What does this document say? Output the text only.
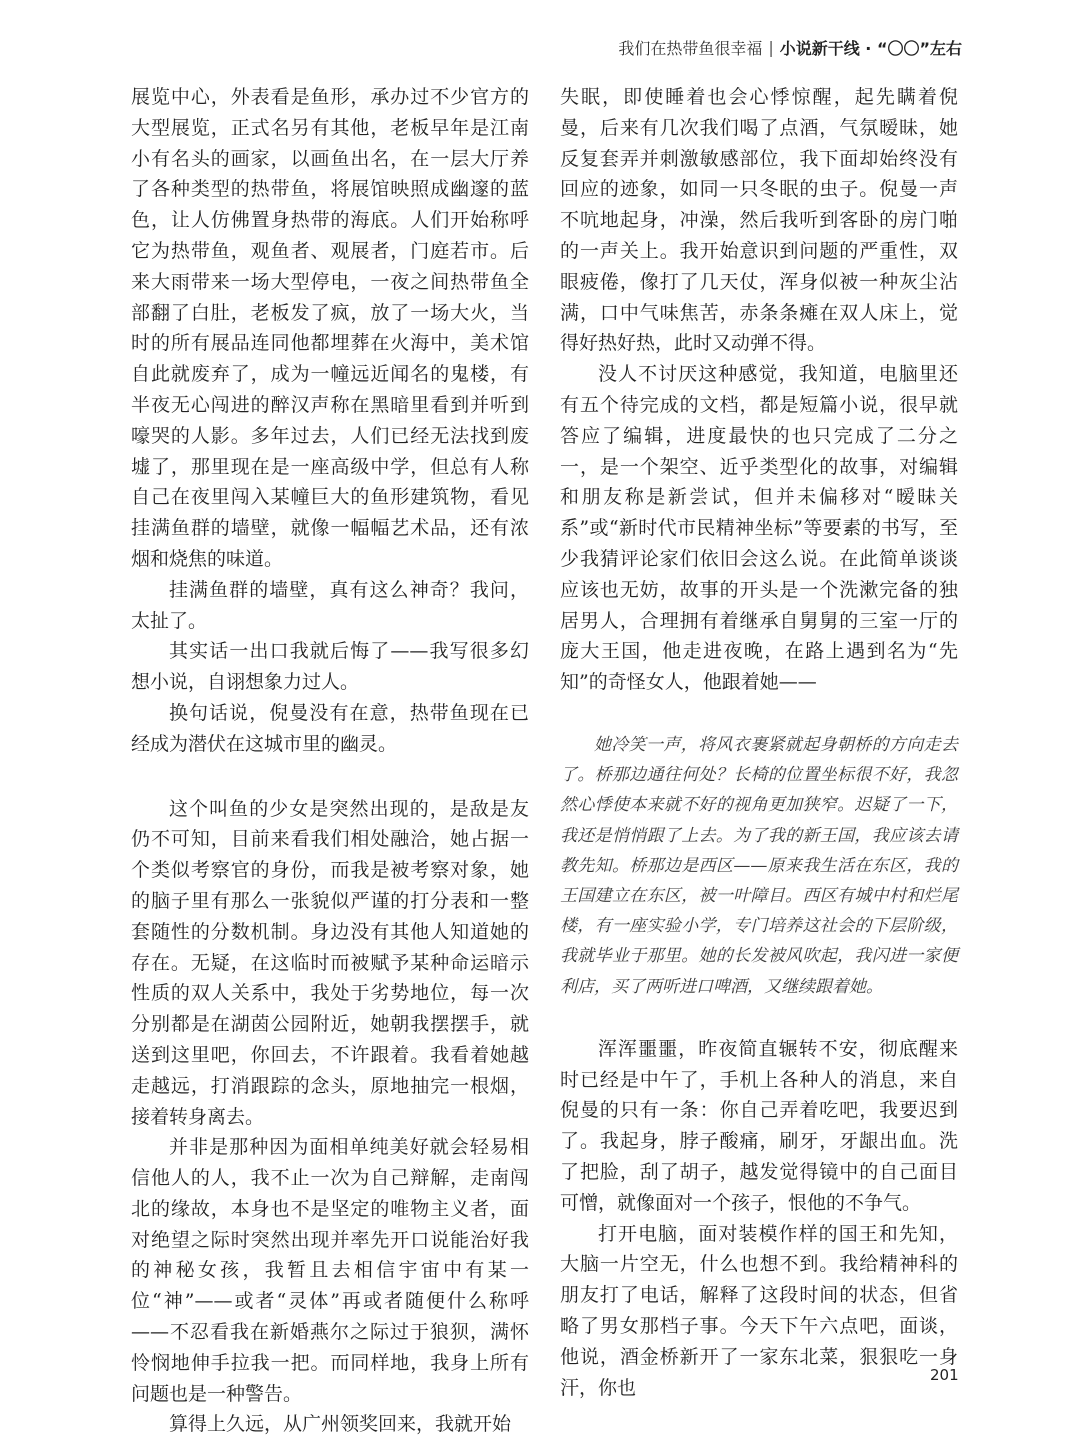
我们在热带鱼很幸福 | 小说新干线 · “〇〇”左右

展览中心，外表看是鱼形，承办过不少官方的大型展览，正式名另有其他，老板早年是江南小有名头的画家，以画鱼出名，在一层大厅养了各种类型的热带鱼，将展馆映照成幽邃的蓝色，让人仿佛置身热带的海底。人们开始称呼它为热带鱼，观鱼者、观展者，门庭若市。后来大雨带来一场大型停电，一夜之间热带鱼全部翻了白肚，老板发了疯，放了一场大火，当时的所有展品连同他都埋葬在火海中，美术馆自此就废弃了，成为一幢远近闻名的鬼楼，有半夜无心闯进的醉汉声称在黑暗里看到并听到嚎哭的人影。多年过去，人们已经无法找到废墟了，那里现在是一座高级中学，但总有人称自己在夜里闯入某幢巨大的鱼形建筑物，看见挂满鱼群的墙壁，就像一幅幅艺术品，还有浓烟和烧焦的味道。

挂满鱼群的墙壁，真有这么神奇？我问，太扯了。

其实话一出口我就后悔了——我写很多幻想小说，自诩想象力过人。

换句话说，倪曼没有在意，热带鱼现在已经成为潜伏在这城市里的幽灵。

这个叫鱼的少女是突然出现的，是敌是友仍不可知，目前来看我们相处融洽，她占据一个类似考察官的身份，而我是被考察对象，她的脑子里有那么一张貌似严谨的打分表和一整套随性的分数机制。身边没有其他人知道她的存在。无疑，在这临时而被赋予某种命运暗示性质的双人关系中，我处于劣势地位，每一次分别都是在湖茵公园附近，她朝我摆摆手，就送到这里吧，你回去，不许跟着。我看着她越走越远，打消跟踪的念头，原地抽完一根烟，接着转身离去。

并非是那种因为面相单纯美好就会轻易相信他人的人，我不止一次为自己辩解，走南闯北的缘故，本身也不是坚定的唯物主义者，面对绝望之际时突然出现并率先开口说能治好我的神秘女孩，我暂且去相信宇宙中有某一位“神”——或者“灵体”再或者随便什么称呼——不忍看我在新婚燕尔之际过于狼狈，满怀怜悯地伸手拉我一把。而同样地，我身上所有问题也是一种警告。

算得上久远，从广州领奖回来，我就开始

失眠，即使睡着也会心悸惊醒，起先瞒着倪曼，后来有几次我们喝了点酒，气氛暧昧，她反复套弄并刺激敏感部位，我下面却始终没有回应的迹象，如同一只冬眠的虫子。倪曼一声不吭地起身，冲澡，然后我听到客卧的房门啪的一声关上。我开始意识到问题的严重性，双眼疲倦，像打了几天仗，浑身似被一种灰尘沾满，口中气味焦苦，赤条条瘫在双人床上，觉得好热好热，此时又动弹不得。

没人不讨厌这种感觉，我知道，电脑里还有五个待完成的文档，都是短篇小说，很早就答应了编辑，进度最快的也只完成了二分之一，是一个架空、近乎类型化的故事，对编辑和朋友称是新尝试，但并未偏移对“暧昧关系”或“新时代市民精神坐标”等要素的书写，至少我猜评论家们依旧会这么说。在此简单谈谈应该也无妨，故事的开头是一个洗漱完备的独居男人，合理拥有着继承自舅舅的三室一厅的庞大王国，他走进夜晚，在路上遇到名为“先知”的奇怪女人，他跟着她——

她冷笑一声，将风衣裹紧就起身朝桥的方向走去了。桥那边通往何处？长椅的位置坐标很不好，我忽然心悸使本来就不好的视角更加狭窄。迟疑了一下，我还是悄悄跟了上去。为了我的新王国，我应该去请教先知。桥那边是西区——原来我生活在东区，我的王国建立在东区，被一叶障目。西区有城中村和烂尾楼，有一座实验小学，专门培养这社会的下层阶级，我就毕业于那里。她的长发被风吹起，我闪进一家便利店，买了两听进口啤酒，又继续跟着她。

浑浑噩噩，昨夜简直辗转不安，彻底醒来时已经是中午了，手机上各种人的消息，来自倪曼的只有一条：你自己弄着吃吧，我要迟到了。我起身，脖子酸痛，刷牙，牙龈出血。洗了把脸，刮了胡子，越发觉得镜中的自己面目可憎，就像面对一个孩子，恨他的不争气。

打开电脑，面对装模作样的国王和先知，大脑一片空无，什么也想不到。我给精神科的朋友打了电话，解释了这段时间的状态，但省略了男女那档子事。今天下午六点吧，面谈，他说，酒金桥新开了一家东北菜，狠狠吃一身汗，你也

201
